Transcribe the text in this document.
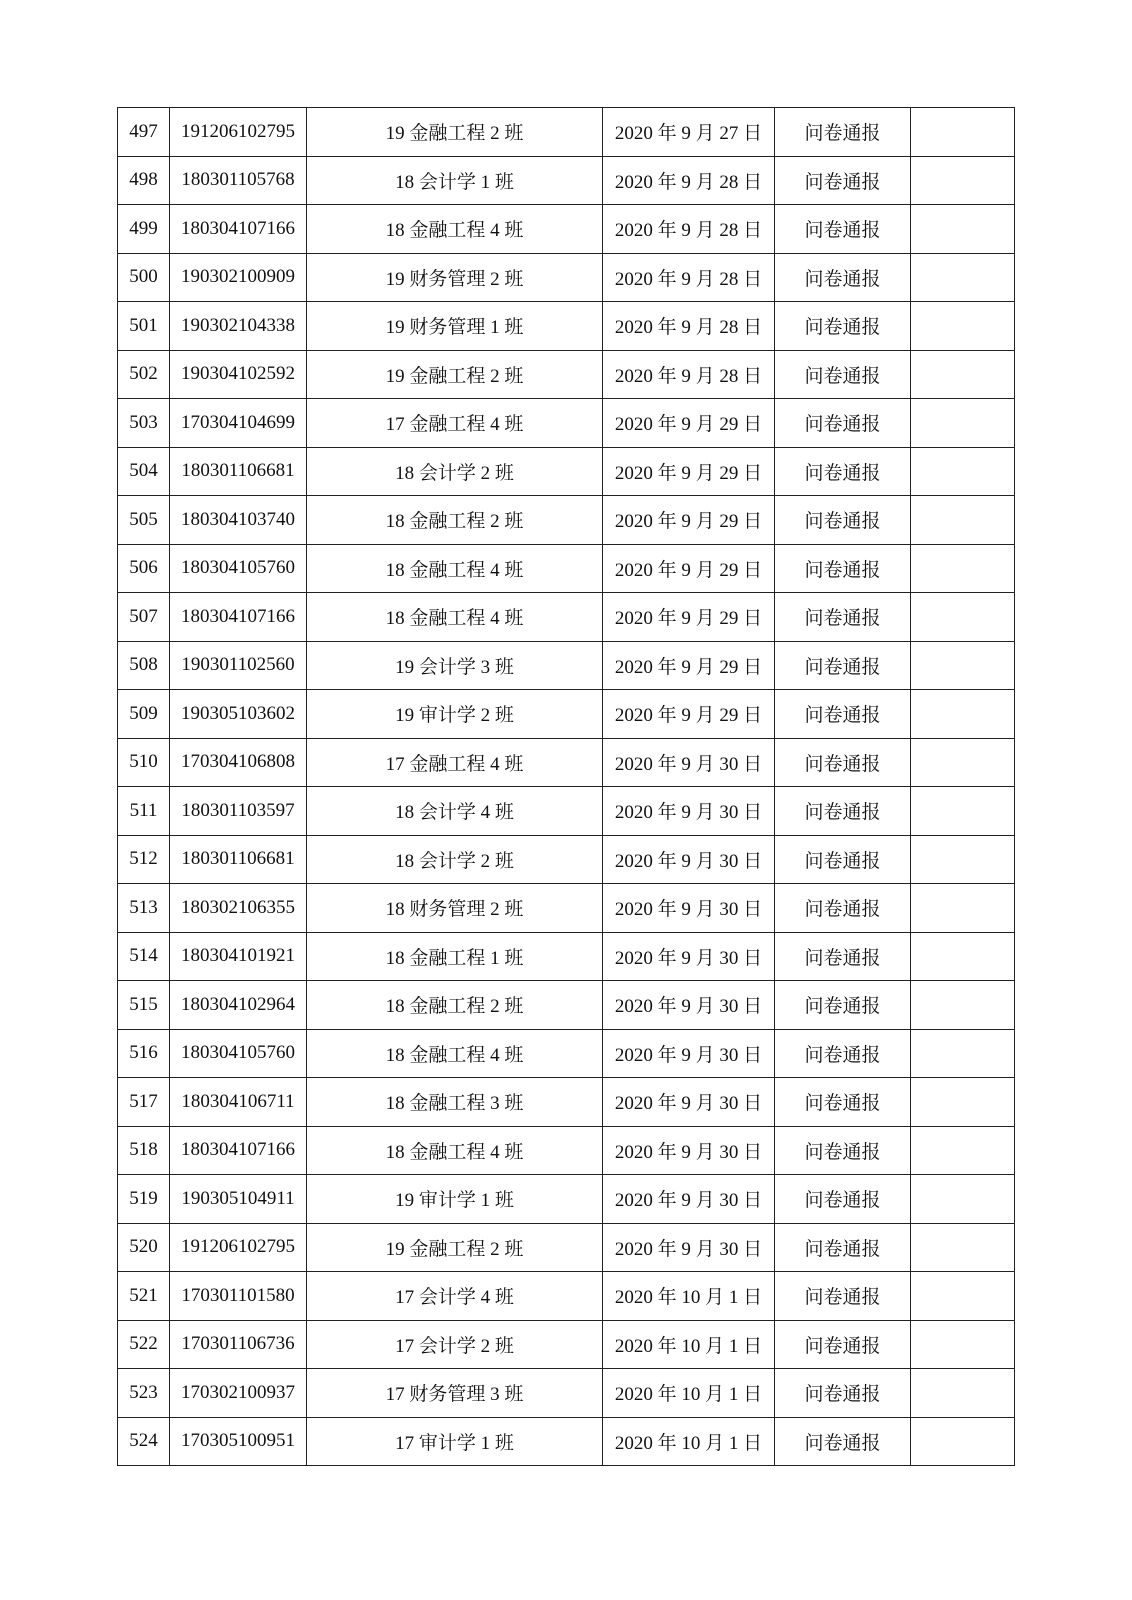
497	191206102795	19 金融工程 2 班	2020 年 9 月 27 日	问卷通报	
498	180301105768	18 会计学 1 班	2020 年 9 月 28 日	问卷通报	
499	180304107166	18 金融工程 4 班	2020 年 9 月 28 日	问卷通报	
500	190302100909	19 财务管理 2 班	2020 年 9 月 28 日	问卷通报	
501	190302104338	19 财务管理 1 班	2020 年 9 月 28 日	问卷通报	
502	190304102592	19 金融工程 2 班	2020 年 9 月 28 日	问卷通报	
503	170304104699	17 金融工程 4 班	2020 年 9 月 29 日	问卷通报	
504	180301106681	18 会计学 2 班	2020 年 9 月 29 日	问卷通报	
505	180304103740	18 金融工程 2 班	2020 年 9 月 29 日	问卷通报	
506	180304105760	18 金融工程 4 班	2020 年 9 月 29 日	问卷通报	
507	180304107166	18 金融工程 4 班	2020 年 9 月 29 日	问卷通报	
508	190301102560	19 会计学 3 班	2020 年 9 月 29 日	问卷通报	
509	190305103602	19 审计学 2 班	2020 年 9 月 29 日	问卷通报	
510	170304106808	17 金融工程 4 班	2020 年 9 月 30 日	问卷通报	
511	180301103597	18 会计学 4 班	2020 年 9 月 30 日	问卷通报	
512	180301106681	18 会计学 2 班	2020 年 9 月 30 日	问卷通报	
513	180302106355	18 财务管理 2 班	2020 年 9 月 30 日	问卷通报	
514	180304101921	18 金融工程 1 班	2020 年 9 月 30 日	问卷通报	
515	180304102964	18 金融工程 2 班	2020 年 9 月 30 日	问卷通报	
516	180304105760	18 金融工程 4 班	2020 年 9 月 30 日	问卷通报	
517	180304106711	18 金融工程 3 班	2020 年 9 月 30 日	问卷通报	
518	180304107166	18 金融工程 4 班	2020 年 9 月 30 日	问卷通报	
519	190305104911	19 审计学 1 班	2020 年 9 月 30 日	问卷通报	
520	191206102795	19 金融工程 2 班	2020 年 9 月 30 日	问卷通报	
521	170301101580	17 会计学 4 班	2020 年 10 月 1 日	问卷通报	
522	170301106736	17 会计学 2 班	2020 年 10 月 1 日	问卷通报	
523	170302100937	17 财务管理 3 班	2020 年 10 月 1 日	问卷通报	
524	170305100951	17 审计学 1 班	2020 年 10 月 1 日	问卷通报	
